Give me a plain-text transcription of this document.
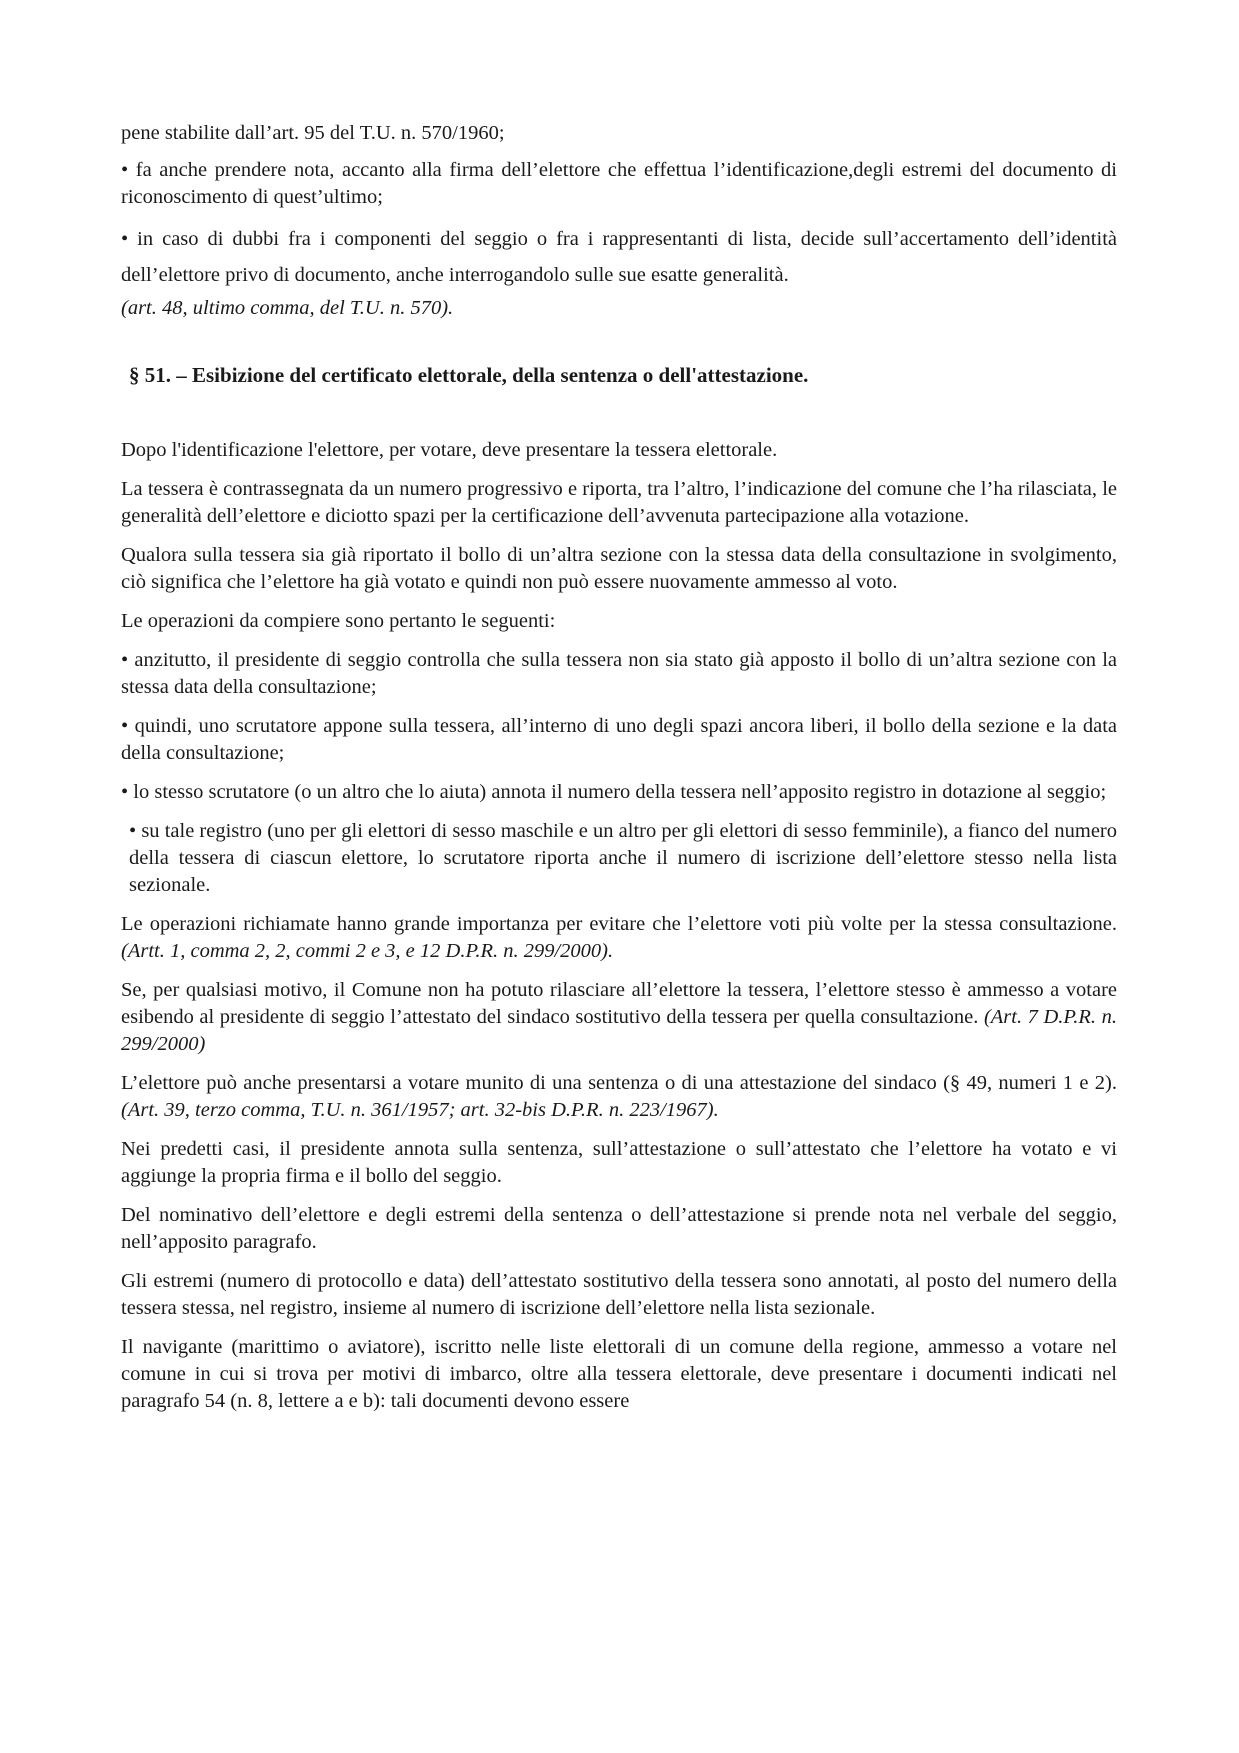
pene stabilite dall’art. 95 del T.U. n. 570/1960;

• fa anche prendere nota, accanto alla firma dell’elettore che effettua l’identificazione,degli estremi del documento di riconoscimento di quest’ultimo;

• in caso di dubbi fra i componenti del seggio o fra i rappresentanti di lista, decide sull’accertamento dell’identità dell’elettore privo di documento, anche interrogandolo sulle sue esatte generalità.

(art. 48, ultimo comma, del T.U. n. 570).

§ 51. – Esibizione del certificato elettorale, della sentenza o dell'attestazione.

Dopo l'identificazione l'elettore, per votare, deve presentare la tessera elettorale.

La tessera è contrassegnata da un numero progressivo e riporta, tra l’altro, l’indicazione del comune che l’ha rilasciata, le generalità dell’elettore e diciotto spazi per la certificazione dell’avvenuta partecipazione alla votazione.

Qualora sulla tessera sia già riportato il bollo di un’altra sezione con la stessa data della consultazione in svolgimento, ciò significa che l’elettore ha già votato e quindi non può essere nuovamente ammesso al voto.

Le operazioni da compiere sono pertanto le seguenti:

• anzitutto, il presidente di seggio controlla che sulla tessera non sia stato già apposto il bollo di un’altra sezione con la stessa data della consultazione;

• quindi, uno scrutatore appone sulla tessera, all’interno di uno degli spazi ancora liberi, il bollo della sezione e la data della consultazione;

• lo stesso scrutatore (o un altro che lo aiuta) annota il numero della tessera nell’apposito registro in dotazione al seggio;

• su tale registro (uno per gli elettori di sesso maschile e un altro per gli elettori di sesso femminile), a fianco del numero della tessera di ciascun elettore, lo scrutatore riporta anche il numero di iscrizione dell’elettore stesso nella lista sezionale.

Le operazioni richiamate hanno grande importanza per evitare che l’elettore voti più volte per la stessa consultazione. (Artt. 1, comma 2, 2, commi 2 e 3, e 12 D.P.R. n. 299/2000).

Se, per qualsiasi motivo, il Comune non ha potuto rilasciare all’elettore la tessera, l’elettore stesso è ammesso a votare esibendo al presidente di seggio l’attestato del sindaco sostitutivo della tessera per quella consultazione. (Art. 7 D.P.R. n. 299/2000)

L’elettore può anche presentarsi a votare munito di una sentenza o di una attestazione del sindaco (§ 49, numeri 1 e 2). (Art. 39, terzo comma, T.U. n. 361/1957; art. 32-bis D.P.R. n. 223/1967).

Nei predetti casi, il presidente annota sulla sentenza, sull’attestazione o sull’attestato che l’elettore ha votato e vi aggiunge la propria firma e il bollo del seggio.

Del nominativo dell’elettore e degli estremi della sentenza o dell’attestazione si prende nota nel verbale del seggio, nell’apposito paragrafo.

Gli estremi (numero di protocollo e data) dell’attestato sostitutivo della tessera sono annotati, al posto del numero della tessera stessa, nel registro, insieme al numero di iscrizione dell’elettore nella lista sezionale.

Il navigante (marittimo o aviatore), iscritto nelle liste elettorali di un comune della regione, ammesso a votare nel comune in cui si trova per motivi di imbarco, oltre alla tessera elettorale, deve presentare i documenti indicati nel paragrafo 54 (n. 8, lettere a e b): tali documenti devono essere
